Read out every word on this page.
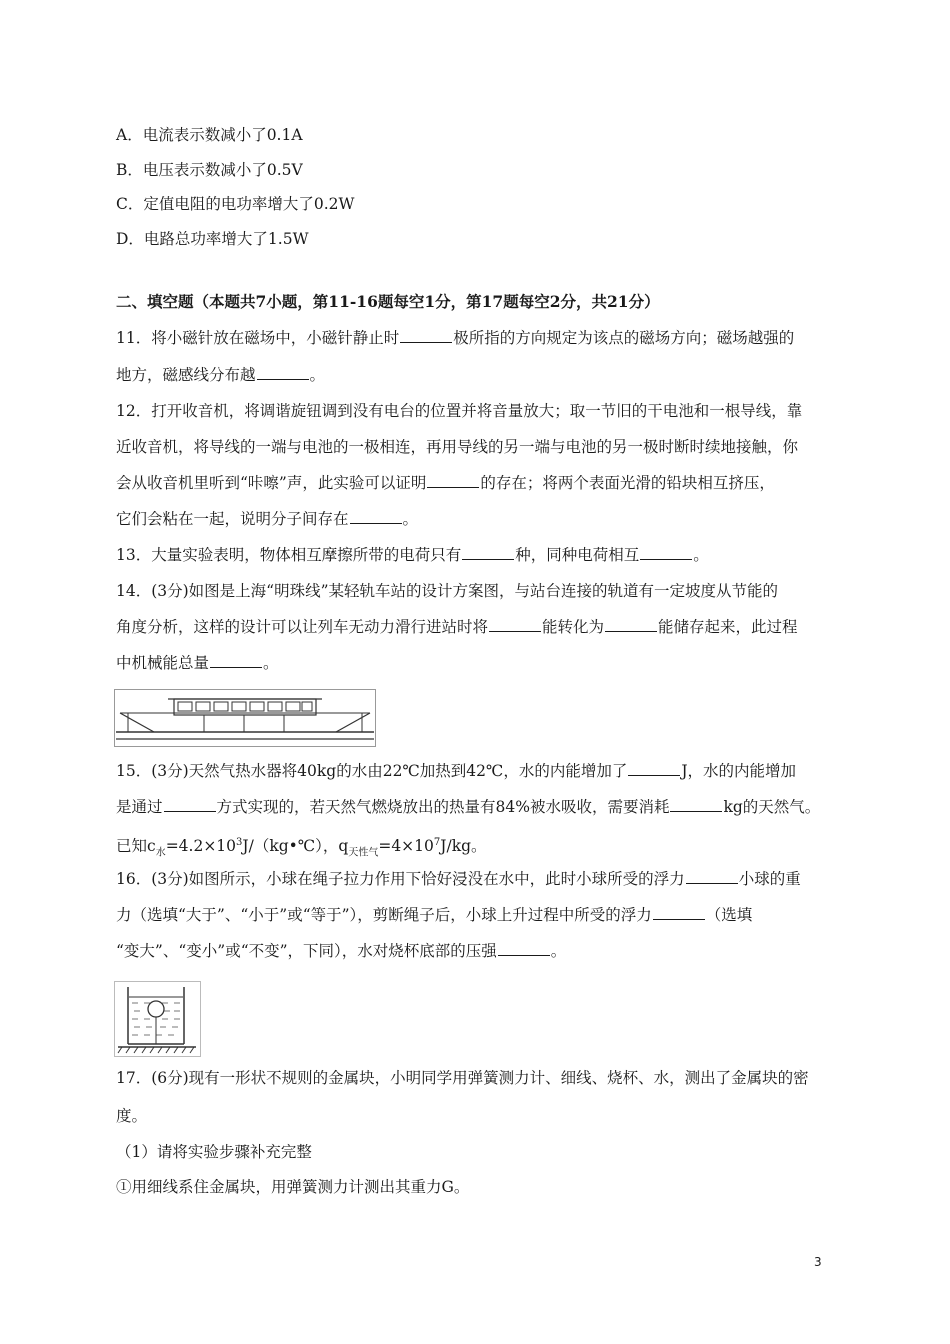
A．电流表示数减小了0.1A
B．电压表示数减小了0.5V
C．定值电阻的电功率增大了0.2W
D．电路总功率增大了1.5W
二、填空题（本题共7小题，第11-16题每空1分，第17题每空2分，共21分）
11．将小磁针放在磁场中，小磁针静止时	极所指的方向规定为该点的磁场方向；磁场越强的
地方，磁感线分布越	。
12．打开收音机，将调谐旋钮调到没有电台的位置并将音量放大；取一节旧的干电池和一根导线，靠
近收音机，将导线的一端与电池的一极相连，再用导线的另一端与电池的另一极时断时续地接触，你
会从收音机里听到“咔嚓”声，此实验可以证明	的存在；将两个表面光滑的铅块相互挤压，
它们会粘在一起，说明分子间存在	。
13．大量实验表明，物体相互摩擦所带的电荷只有	种，同种电荷相互	。
14．(3分)如图是上海“明珠线”某轻轨车站的设计方案图，与站台连接的轨道有一定坡度从节能的
角度分析，这样的设计可以让列车无动力滑行进站时将	能转化为	能储存起来，此过程
中机械能总量	。
15．(3分)天然气热水器将40kg的水由22℃加热到42℃，水的内能增加了	J，水的内能增加
是通过	方式实现的，若天然气燃烧放出的热量有84%被水吸收，需要消耗	kg的天然气。
已知$c_水=4.2\times 10^3J/(kg•℃)$，$q_{天性气}=4\times 10^7J/kg$。
16．(3分)如图所示，小球在绳子拉力作用下恰好浸没在水中，此时小球所受的浮力	小球的重
力（选填“大于”、“小于”或“等于”），剪断绳子后，小球上升过程中所受的浮力	（选填
“变大”、“变小”或“不变”，下同），水对烧杯底部的压强	。
17．(6分)现有一形状不规则的金属块，小明同学用弹簧测力计、细线、烧杯、水，测出了金属块的密
度。
（1）请将实验步骤补充完整
①用细线系住金属块，用弹簧测力计测出其重力G。
3
